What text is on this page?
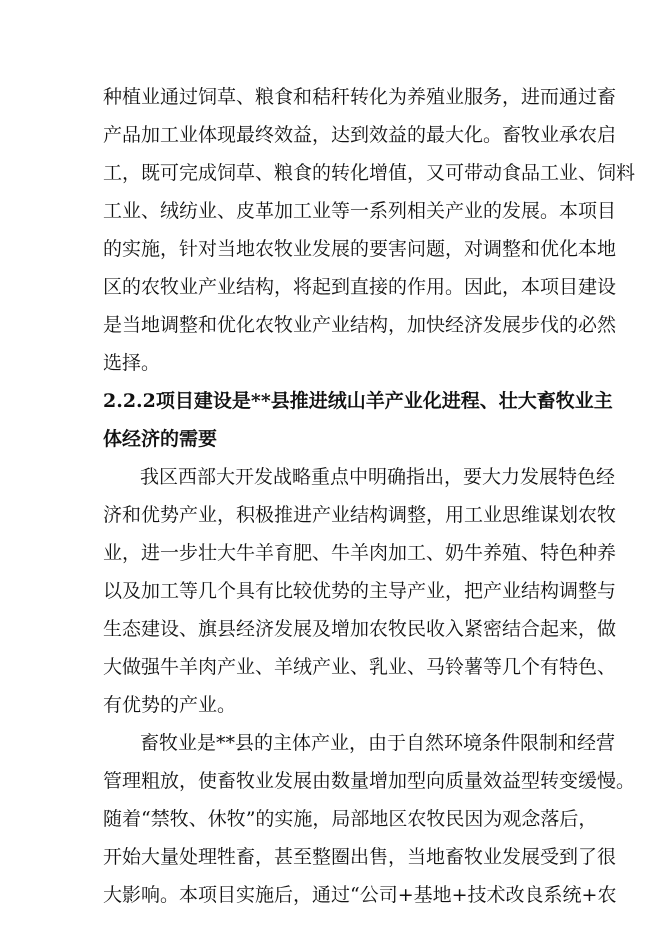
种植业通过饲草、粮食和秸秆转化为养殖业服务，进而通过畜
产品加工业体现最终效益，达到效益的最大化。畜牧业承农启
工，既可完成饲草、粮食的转化增值，又可带动食品工业、饲料
工业、绒纺业、皮革加工业等一系列相关产业的发展。本项目
的实施，针对当地农牧业发展的要害问题，对调整和优化本地
区的农牧业产业结构，将起到直接的作用。因此，本项目建设
是当地调整和优化农牧业产业结构，加快经济发展步伐的必然
选择。
2.2.2项目建设是**县推进绒山羊产业化进程、壮大畜牧业主
体经济的需要
我区西部大开发战略重点中明确指出，要大力发展特色经
济和优势产业，积极推进产业结构调整，用工业思维谋划农牧
业，进一步壮大牛羊育肥、牛羊肉加工、奶牛养殖、特色种养
以及加工等几个具有比较优势的主导产业，把产业结构调整与
生态建设、旗县经济发展及增加农牧民收入紧密结合起来，做
大做强牛羊肉产业、羊绒产业、乳业、马铃薯等几个有特色、
有优势的产业。
畜牧业是**县的主体产业，由于自然环境条件限制和经营
管理粗放，使畜牧业发展由数量增加型向质量效益型转变缓慢。
随着“禁牧、休牧”的实施，局部地区农牧民因为观念落后，
开始大量处理牲畜，甚至整圈出售，当地畜牧业发展受到了很
大影响。本项目实施后，通过“公司+基地+技术改良系统+农
